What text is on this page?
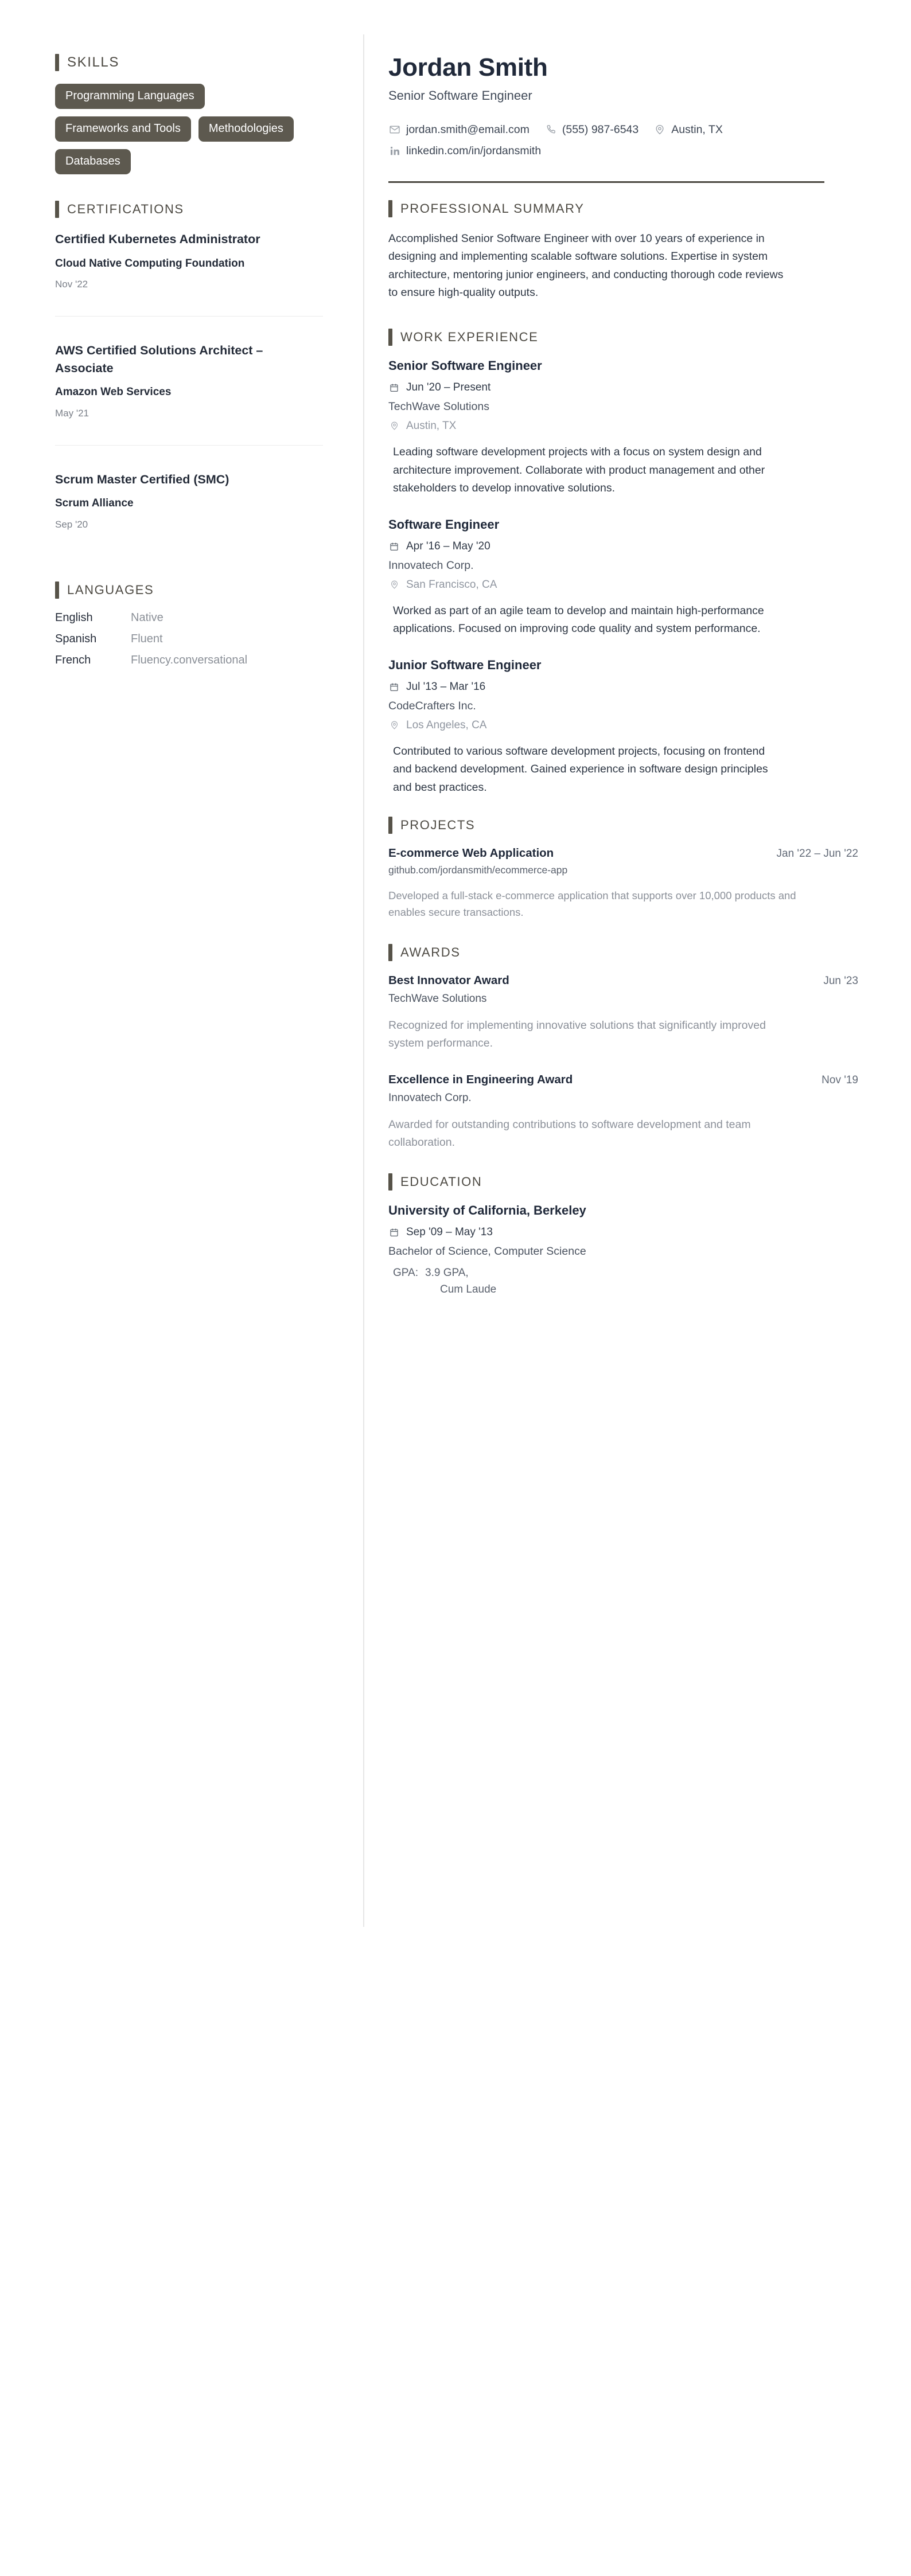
SKILLS
Programming Languages
Frameworks and Tools	Methodologies
Databases
CERTIFICATIONS
Certified Kubernetes Administrator
Cloud Native Computing Foundation
Nov '22
AWS Certified Solutions Architect – Associate
Amazon Web Services
May '21
Scrum Master Certified (SMC)
Scrum Alliance
Sep '20
LANGUAGES
English	Native
Spanish	Fluent
French	Fluency.conversational
Jordan Smith
Senior Software Engineer
jordan.smith@email.com	(555) 987-6543	Austin, TX
linkedin.com/in/jordansmith
PROFESSIONAL SUMMARY

Accomplished Senior Software Engineer with over 10 years of experience in designing and implementing scalable software solutions. Expertise in system architecture, mentoring junior engineers, and conducting thorough code reviews to ensure high-quality outputs.

WORK EXPERIENCE
Senior Software Engineer
Jun '20 – Present
TechWave Solutions
Austin, TX

Leading software development projects with a focus on system design and architecture improvement. Collaborate with product management and other stakeholders to develop innovative solutions.

Software Engineer
Apr '16 – May '20
Innovatech Corp.
San Francisco, CA

Worked as part of an agile team to develop and maintain high-performance applications. Focused on improving code quality and system performance.

Junior Software Engineer
Jul '13 – Mar '16
CodeCrafters Inc.
Los Angeles, CA

Contributed to various software development projects, focusing on frontend and backend development. Gained experience in software design principles and best practices.

PROJECTS
E-commerce Web Application	Jan '22 – Jun '22
github.com/jordansmith/ecommerce-app

Developed a full-stack e-commerce application that supports over 10,000 products and enables secure transactions.

AWARDS
Best Innovator Award	Jun '23
TechWave Solutions

Recognized for implementing innovative solutions that significantly improved system performance.

Excellence in Engineering Award	Nov '19
Innovatech Corp.

Awarded for outstanding contributions to software development and team collaboration.

EDUCATION
University of California, Berkeley
Sep '09 – May '13
Bachelor of Science, Computer Science
GPA: 3.9 GPA,
Cum Laude
